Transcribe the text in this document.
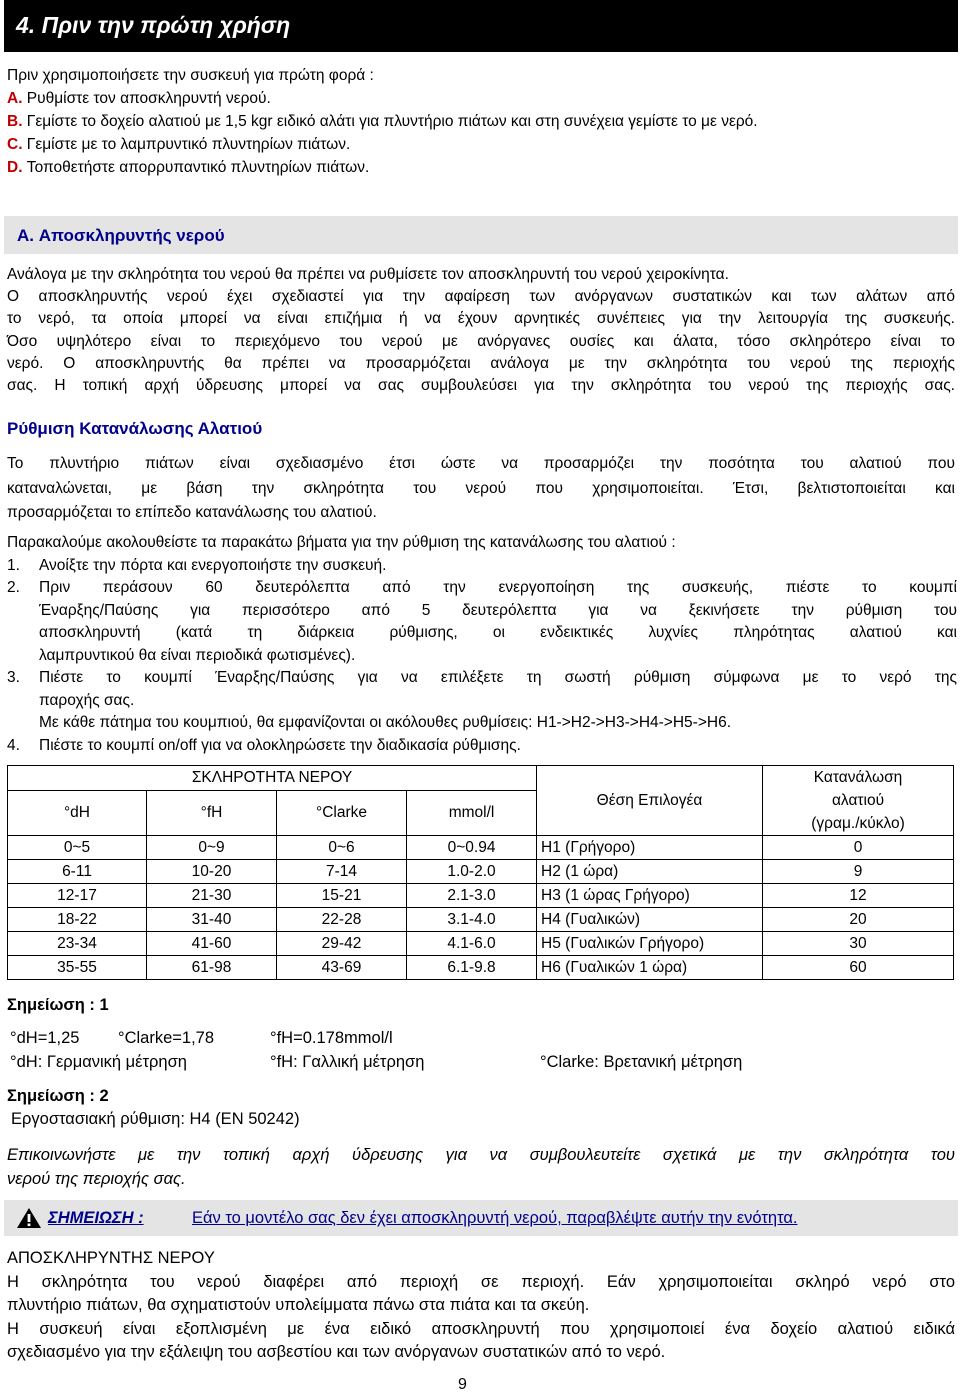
4. Πριν την πρώτη χρήση
Πριν χρησιμοποιήσετε την συσκευή για πρώτη φορά :
A. Ρυθμίστε τον αποσκληρυντή νερού.
B. Γεμίστε το δοχείο αλατιού με 1,5 kgr ειδικό αλάτι για πλυντήριο πιάτων και στη συνέχεια γεμίστε το με νερό.
C. Γεμίστε με το λαμπρυντικό πλυντηρίων πιάτων.
D. Τοποθετήστε απορρυπαντικό πλυντηρίων πιάτων.
A. Αποσκληρυντής νερού
Ανάλογα με την σκληρότητα του νερού θα πρέπει να ρυθμίσετε τον αποσκληρυντή του νερού χειροκίνητα.
Ο αποσκληρυντής νερού έχει σχεδιαστεί για την αφαίρεση των ανόργανων συστατικών και των αλάτων από
το νερό, τα οποία μπορεί να είναι επιζήμια ή να έχουν αρνητικές συνέπειες για την λειτουργία της συσκευής.
Όσο υψηλότερο είναι το περιεχόμενο του νερού με ανόργανες ουσίες και άλατα, τόσο σκληρότερο είναι το
νερό. Ο αποσκληρυντής θα πρέπει να προσαρμόζεται ανάλογα με την σκληρότητα του νερού της περιοχής
σας. Η τοπική αρχή ύδρευσης μπορεί να σας συμβουλεύσει για την σκληρότητα του νερού της περιοχής σας.
Ρύθμιση Κατανάλωσης Αλατιού
Το πλυντήριο πιάτων είναι σχεδιασμένο έτσι ώστε να προσαρμόζει την ποσότητα του αλατιού που
καταναλώνεται, με βάση την σκληρότητα του νερού που χρησιμοποιείται. Έτσι, βελτιστοποιείται και
προσαρμόζεται το επίπεδο κατανάλωσης του αλατιού.
Παρακαλούμε ακολουθείστε τα παρακάτω βήματα για την ρύθμιση της κατανάλωσης του αλατιού :
1.	Ανοίξτε την πόρτα και ενεργοποιήστε την συσκευή.
2.	Πριν περάσουν 60 δευτερόλεπτα από την ενεργοποίηση της συσκευής, πιέστε το κουμπί
Έναρξης/Παύσης για περισσότερο από 5 δευτερόλεπτα για να ξεκινήσετε την ρύθμιση του
αποσκληρυντή (κατά τη διάρκεια ρύθμισης, οι ενδεικτικές λυχνίες πληρότητας αλατιού και
λαμπρυντικού θα είναι περιοδικά φωτισμένες).
3.	Πιέστε το κουμπί Έναρξης/Παύσης για να επιλέξετε τη σωστή ρύθμιση σύμφωνα με το νερό της
παροχής σας.
Με κάθε πάτημα του κουμπιού, θα εμφανίζονται οι ακόλουθες ρυθμίσεις: H1->H2->H3->H4->H5->H6.
4.	Πιέστε το κουμπί on/off για να ολοκληρώσετε την διαδικασία ρύθμισης.
ΣΚΛΗΡΟΤΗΤΑ ΝΕΡΟΥ				Θέση Επιλογέα	Κατανάλωση
αλατιού
(γραμ./κύκλο)

°dH	°fH	°Clarke	mmol/l		
0~5	0~9	0~6	0~0.94	H1 (Γρήγορο)	0
6-11	10-20	7-14	1.0-2.0	H2 (1 ώρα)	9
12-17	21-30	15-21	2.1-3.0	H3 (1 ώρας Γρήγορο)	12
18-22	31-40	22-28	3.1-4.0	H4 (Γυαλικών)	20
23-34	41-60	29-42	4.1-6.0	H5 (Γυαλικών Γρήγορο)	30
35-55	61-98	43-69	6.1-9.8	H6 (Γυαλικών 1 ώρα)	60
Σημείωση : 1
°dH=1,25 °Clarke=1,78	°fH=0.178mmol/l
°dH: Γερμανική μέτρηση	°fH: Γαλλική μέτρηση	°Clarke: Βρετανική μέτρηση
Σημείωση : 2
Εργοστασιακή ρύθμιση: H4 (EN 50242)
Επικοινωνήστε με την τοπική αρχή ύδρευσης για να συμβουλευτείτε σχετικά με την σκληρότητα του
νερού της περιοχής σας.
ΣΗΜΕΙΩΣΗ :	Εάν το μοντέλο σας δεν έχει αποσκληρυντή νερού, παραβλέψτε αυτήν την ενότητα.
ΑΠΟΣΚΛΗΡΥΝΤΗΣ ΝΕΡΟΥ
Η σκληρότητα του νερού διαφέρει από περιοχή σε περιοχή. Εάν χρησιμοποιείται σκληρό νερό στο
πλυντήριο πιάτων, θα σχηματιστούν υπολείμματα πάνω στα πιάτα και τα σκεύη.
Η συσκευή είναι εξοπλισμένη με ένα ειδικό αποσκληρυντή που χρησιμοποιεί ένα δοχείο αλατιού ειδικά
σχεδιασμένο για την εξάλειψη του ασβεστίου και των ανόργανων συστατικών από το νερό.
9
